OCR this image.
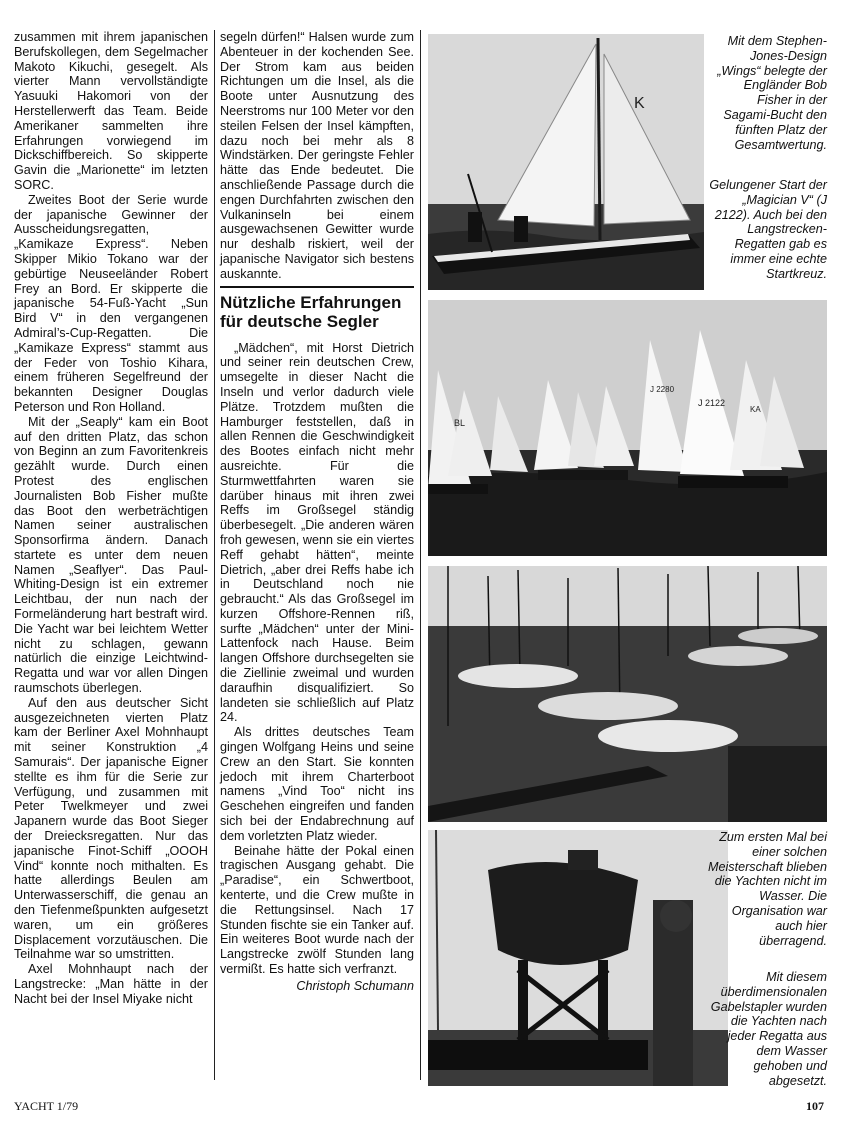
zusammen mit ihrem japanischen Berufskollegen, dem Segelmacher Makoto Kikuchi, gesegelt. Als vierter Mann vervollständigte Yasuuki Hakomori von der Herstellerwerft das Team. Beide Amerikaner sammelten ihre Erfahrungen vorwiegend im Dickschiffbereich. So skipperte Gavin die „Marionette“ im letzten SORC.

Zweites Boot der Serie wurde der japanische Gewinner der Ausscheidungsregatten, „Kamikaze Express“. Neben Skipper Mikio Tokano war der gebürtige Neuseeländer Robert Frey an Bord. Er skipperte die japanische 54-Fuß-Yacht „Sun Bird V“ in den vergangenen Admiral’s-Cup-Regatten. Die „Kamikaze Express“ stammt aus der Feder von Toshio Kihara, einem früheren Segelfreund der bekannten Designer Douglas Peterson und Ron Holland.

Mit der „Seaply“ kam ein Boot auf den dritten Platz, das schon von Beginn an zum Favoritenkreis gezählt wurde. Durch einen Protest des englischen Journalisten Bob Fisher mußte das Boot den werbeträchtigen Namen seiner australischen Sponsorfirma ändern. Danach startete es unter dem neuen Namen „Seaflyer“. Das Paul-Whiting-Design ist ein extremer Leichtbau, der nun nach der Formeländerung hart bestraft wird. Die Yacht war bei leichtem Wetter nicht zu schlagen, gewann natürlich die einzige Leichtwind-Regatta und war vor allen Dingen raumschots überlegen.

Auf den aus deutscher Sicht ausgezeichneten vierten Platz kam der Berliner Axel Mohnhaupt mit seiner Konstruktion „4 Samurais“. Der japanische Eigner stellte es ihm für die Serie zur Verfügung, und zusammen mit Peter Twelkmeyer und zwei Japanern wurde das Boot Sieger der Dreiecksregatten. Nur das japanische Finot-Schiff „OOOH Vind“ konnte noch mithalten. Es hatte allerdings Beulen am Unterwasserschiff, die genau an den Tiefenmeßpunkten aufgesetzt waren, um ein größeres Displacement vorzutäuschen. Die Teilnahme war so umstritten.

Axel Mohnhaupt nach der Langstrecke: „Man hätte in der Nacht bei der Insel Miyake nicht

segeln dürfen!“ Halsen wurde zum Abenteuer in der kochenden See. Der Strom kam aus beiden Richtungen um die Insel, als die Boote unter Ausnutzung des Neerstroms nur 100 Meter vor den steilen Felsen der Insel kämpften, dazu noch bei mehr als 8 Windstärken. Der geringste Fehler hätte das Ende bedeutet. Die anschließende Passage durch die engen Durchfahrten zwischen den Vulkaninseln bei einem ausgewachsenen Gewitter wurde nur deshalb riskiert, weil der japanische Navigator sich bestens auskannte.

Nützliche Erfahrungen für deutsche Segler

„Mädchen“, mit Horst Dietrich und seiner rein deutschen Crew, umsegelte in dieser Nacht die Inseln und verlor dadurch viele Plätze. Trotzdem mußten die Hamburger feststellen, daß in allen Rennen die Geschwindigkeit des Bootes einfach nicht mehr ausreichte. Für die Sturmwettfahrten waren sie darüber hinaus mit ihren zwei Reffs im Großsegel ständig überbesegelt. „Die anderen wären froh gewesen, wenn sie ein viertes Reff gehabt hätten“, meinte Dietrich, „aber drei Reffs habe ich in Deutschland noch nie gebraucht.“ Als das Großsegel im kurzen Offshore-Rennen riß, surfte „Mädchen“ unter der Mini-Lattenfock nach Hause. Beim langen Offshore durchsegelten sie die Ziellinie zweimal und wurden daraufhin disqualifiziert. So landeten sie schließlich auf Platz 24.

Als drittes deutsches Team gingen Wolfgang Heins und seine Crew an den Start. Sie konnten jedoch mit ihrem Charterboot namens „Vind Too“ nicht ins Geschehen eingreifen und fanden sich bei der Endabrechnung auf dem vorletzten Platz wieder.

Beinahe hätte der Pokal einen tragischen Ausgang gehabt. Die „Paradise“, ein Schwertboot, kenterte, und die Crew mußte in die Rettungsinsel. Nach 17 Stunden fischte sie ein Tanker auf. Ein weiteres Boot wurde nach der Langstrecke zwölf Stunden lang vermißt. Es hatte sich verfranzt.

Christoph Schumann
K
Mit dem Stephen-Jones-Design „Wings“ belegte der Engländer Bob Fisher in der Sagami-Bucht den fünften Platz der Gesamtwertung.
Gelungener Start der „Magician V“ (J 2122). Auch bei den Langstrecken-Regatten gab es immer eine echte Startkreuz.
BL
J 2280
J 2122
KA
Zum ersten Mal bei einer solchen Meisterschaft blieben die Yachten nicht im Wasser. Die Organisation war auch hier überragend.
Mit diesem überdimensionalen Gabelstapler wurden die Yachten nach jeder Regatta aus dem Wasser gehoben und abgesetzt.
YACHT 1/79	107
